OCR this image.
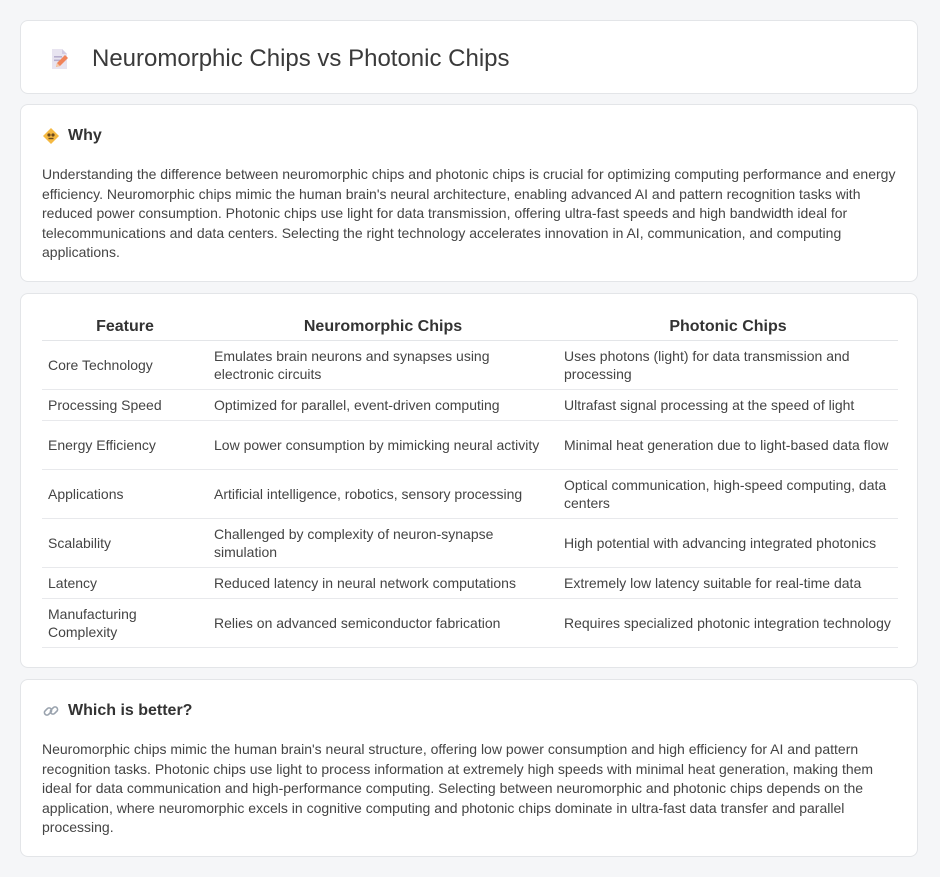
Neuromorphic Chips vs Photonic Chips
Why

Understanding the difference between neuromorphic chips and photonic chips is crucial for optimizing computing performance and energy efficiency. Neuromorphic chips mimic the human brain's neural architecture, enabling advanced AI and pattern recognition tasks with reduced power consumption. Photonic chips use light for data transmission, offering ultra-fast speeds and high bandwidth ideal for telecommunications and data centers. Selecting the right technology accelerates innovation in AI, communication, and computing applications.

Feature	Neuromorphic Chips	Photonic Chips
Core Technology	Emulates brain neurons and synapses using electronic circuits	Uses photons (light) for data transmission and processing
Processing Speed	Optimized for parallel, event-driven computing	Ultrafast signal processing at the speed of light
Energy Efficiency	Low power consumption by mimicking neural activity	Minimal heat generation due to light-based data flow
Applications	Artificial intelligence, robotics, sensory processing	Optical communication, high-speed computing, data centers
Scalability	Challenged by complexity of neuron-synapse simulation	High potential with advancing integrated photonics
Latency	Reduced latency in neural network computations	Extremely low latency suitable for real-time data
Manufacturing Complexity	Relies on advanced semiconductor fabrication	Requires specialized photonic integration technology
Which is better?

Neuromorphic chips mimic the human brain's neural structure, offering low power consumption and high efficiency for AI and pattern recognition tasks. Photonic chips use light to process information at extremely high speeds with minimal heat generation, making them ideal for data communication and high-performance computing. Selecting between neuromorphic and photonic chips depends on the application, where neuromorphic excels in cognitive computing and photonic chips dominate in ultra-fast data transfer and parallel processing.
